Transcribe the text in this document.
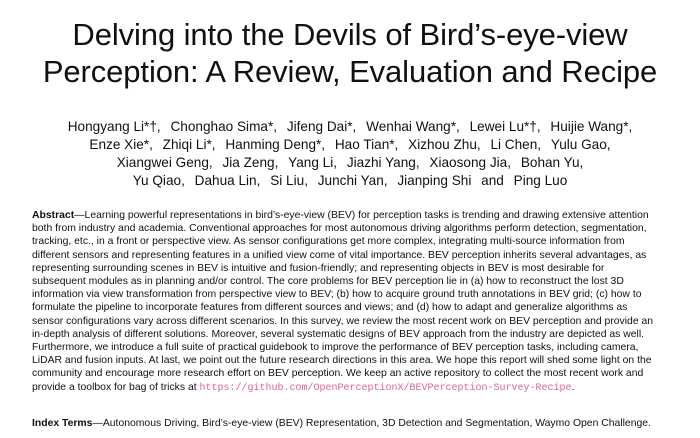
Delving into the Devils of Bird’s-eye-view
Perception: A Review, Evaluation and Recipe
Hongyang Li*†, Chonghao Sima*, Jifeng Dai*, Wenhai Wang*, Lewei Lu*†, Huijie Wang*,
Enze Xie*, Zhiqi Li*, Hanming Deng*, Hao Tian*, Xizhou Zhu, Li Chen, Yulu Gao,
Xiangwei Geng, Jia Zeng, Yang Li, Jiazhi Yang, Xiaosong Jia, Bohan Yu,
Yu Qiao, Dahua Lin, Si Liu, Junchi Yan, Jianping Shi and Ping Luo
Abstract—Learning powerful representations in bird’s-eye-view (BEV) for perception tasks is trending and drawing extensive attention
both from industry and academia. Conventional approaches for most autonomous driving algorithms perform detection, segmentation,
tracking, etc., in a front or perspective view. As sensor configurations get more complex, integrating multi-source information from
different sensors and representing features in a unified view come of vital importance. BEV perception inherits several advantages, as
representing surrounding scenes in BEV is intuitive and fusion-friendly; and representing objects in BEV is most desirable for
subsequent modules as in planning and/or control. The core problems for BEV perception lie in (a) how to reconstruct the lost 3D
information via view transformation from perspective view to BEV; (b) how to acquire ground truth annotations in BEV grid; (c) how to
formulate the pipeline to incorporate features from different sources and views; and (d) how to adapt and generalize algorithms as
sensor configurations vary across different scenarios. In this survey, we review the most recent work on BEV perception and provide an
in-depth analysis of different solutions. Moreover, several systematic designs of BEV approach from the industry are depicted as well.
Furthermore, we introduce a full suite of practical guidebook to improve the performance of BEV perception tasks, including camera,
LiDAR and fusion inputs. At last, we point out the future research directions in this area. We hope this report will shed some light on the
community and encourage more research effort on BEV perception. We keep an active repository to collect the most recent work and
provide a toolbox for bag of tricks at https://github.com/OpenPerceptionX/BEVPerception-Survey-Recipe.
Index Terms—Autonomous Driving, Bird’s-eye-view (BEV) Representation, 3D Detection and Segmentation, Waymo Open Challenge.
